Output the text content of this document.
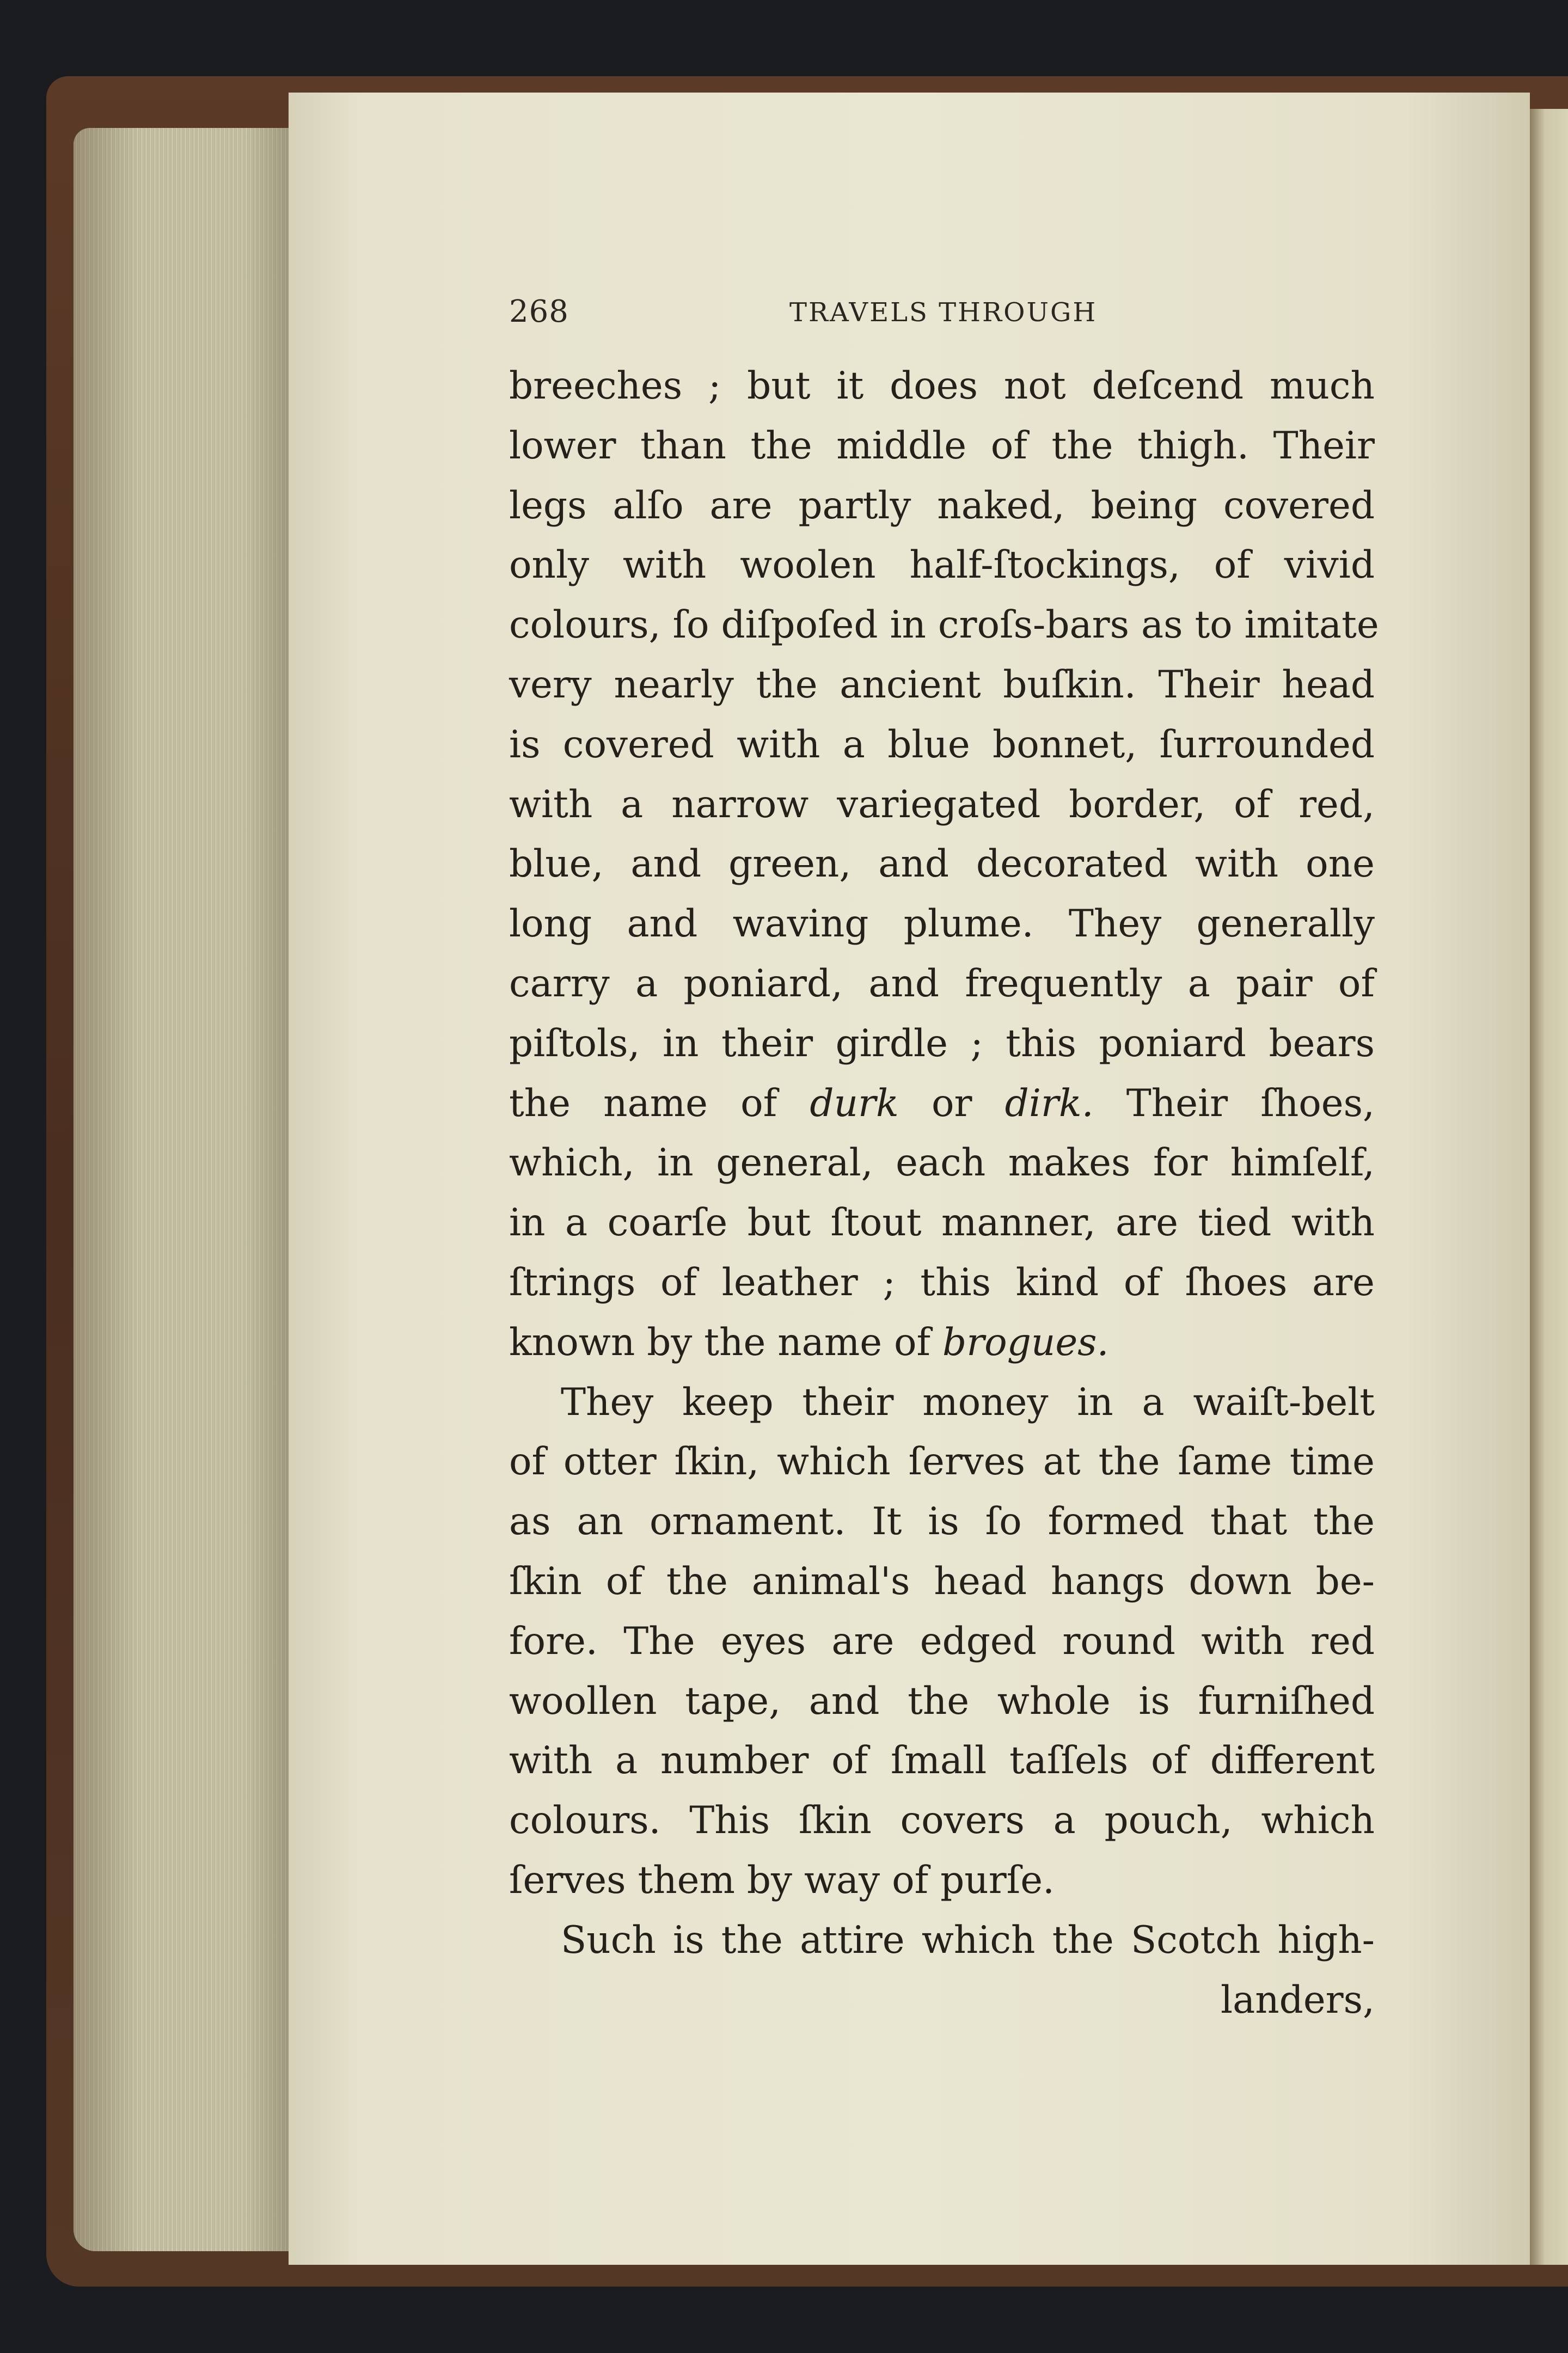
268	TRAVELS THROUGH
breeches ; but it does not deſcend much
lower than the middle of the thigh. Their
legs alſo are partly naked, being covered
only with woolen half-ſtockings, of vivid
colours, ſo diſpoſed in croſs-bars as to imitate
very nearly the ancient buſkin. Their head
is covered with a blue bonnet, ſurrounded
with a narrow variegated border, of red,
blue, and green, and decorated with one
long and waving plume. They generally
carry a poniard, and frequently a pair of
piſtols, in their girdle ; this poniard bears
the name of durk or dirk. Their ſhoes,
which, in general, each makes for himſelf,
in a coarſe but ſtout manner, are tied with
ſtrings of leather ; this kind of ſhoes are
known by the name of brogues.
They keep their money in a waiſt-belt
of otter ſkin, which ſerves at the ſame time
as an ornament. It is ſo formed that the
ſkin of the animal's head hangs down be-
fore. The eyes are edged round with red
woollen tape, and the whole is furniſhed
with a number of ſmall taſſels of different
colours. This ſkin covers a pouch, which
ſerves them by way of purſe.
Such is the attire which the Scotch high-
landers,
